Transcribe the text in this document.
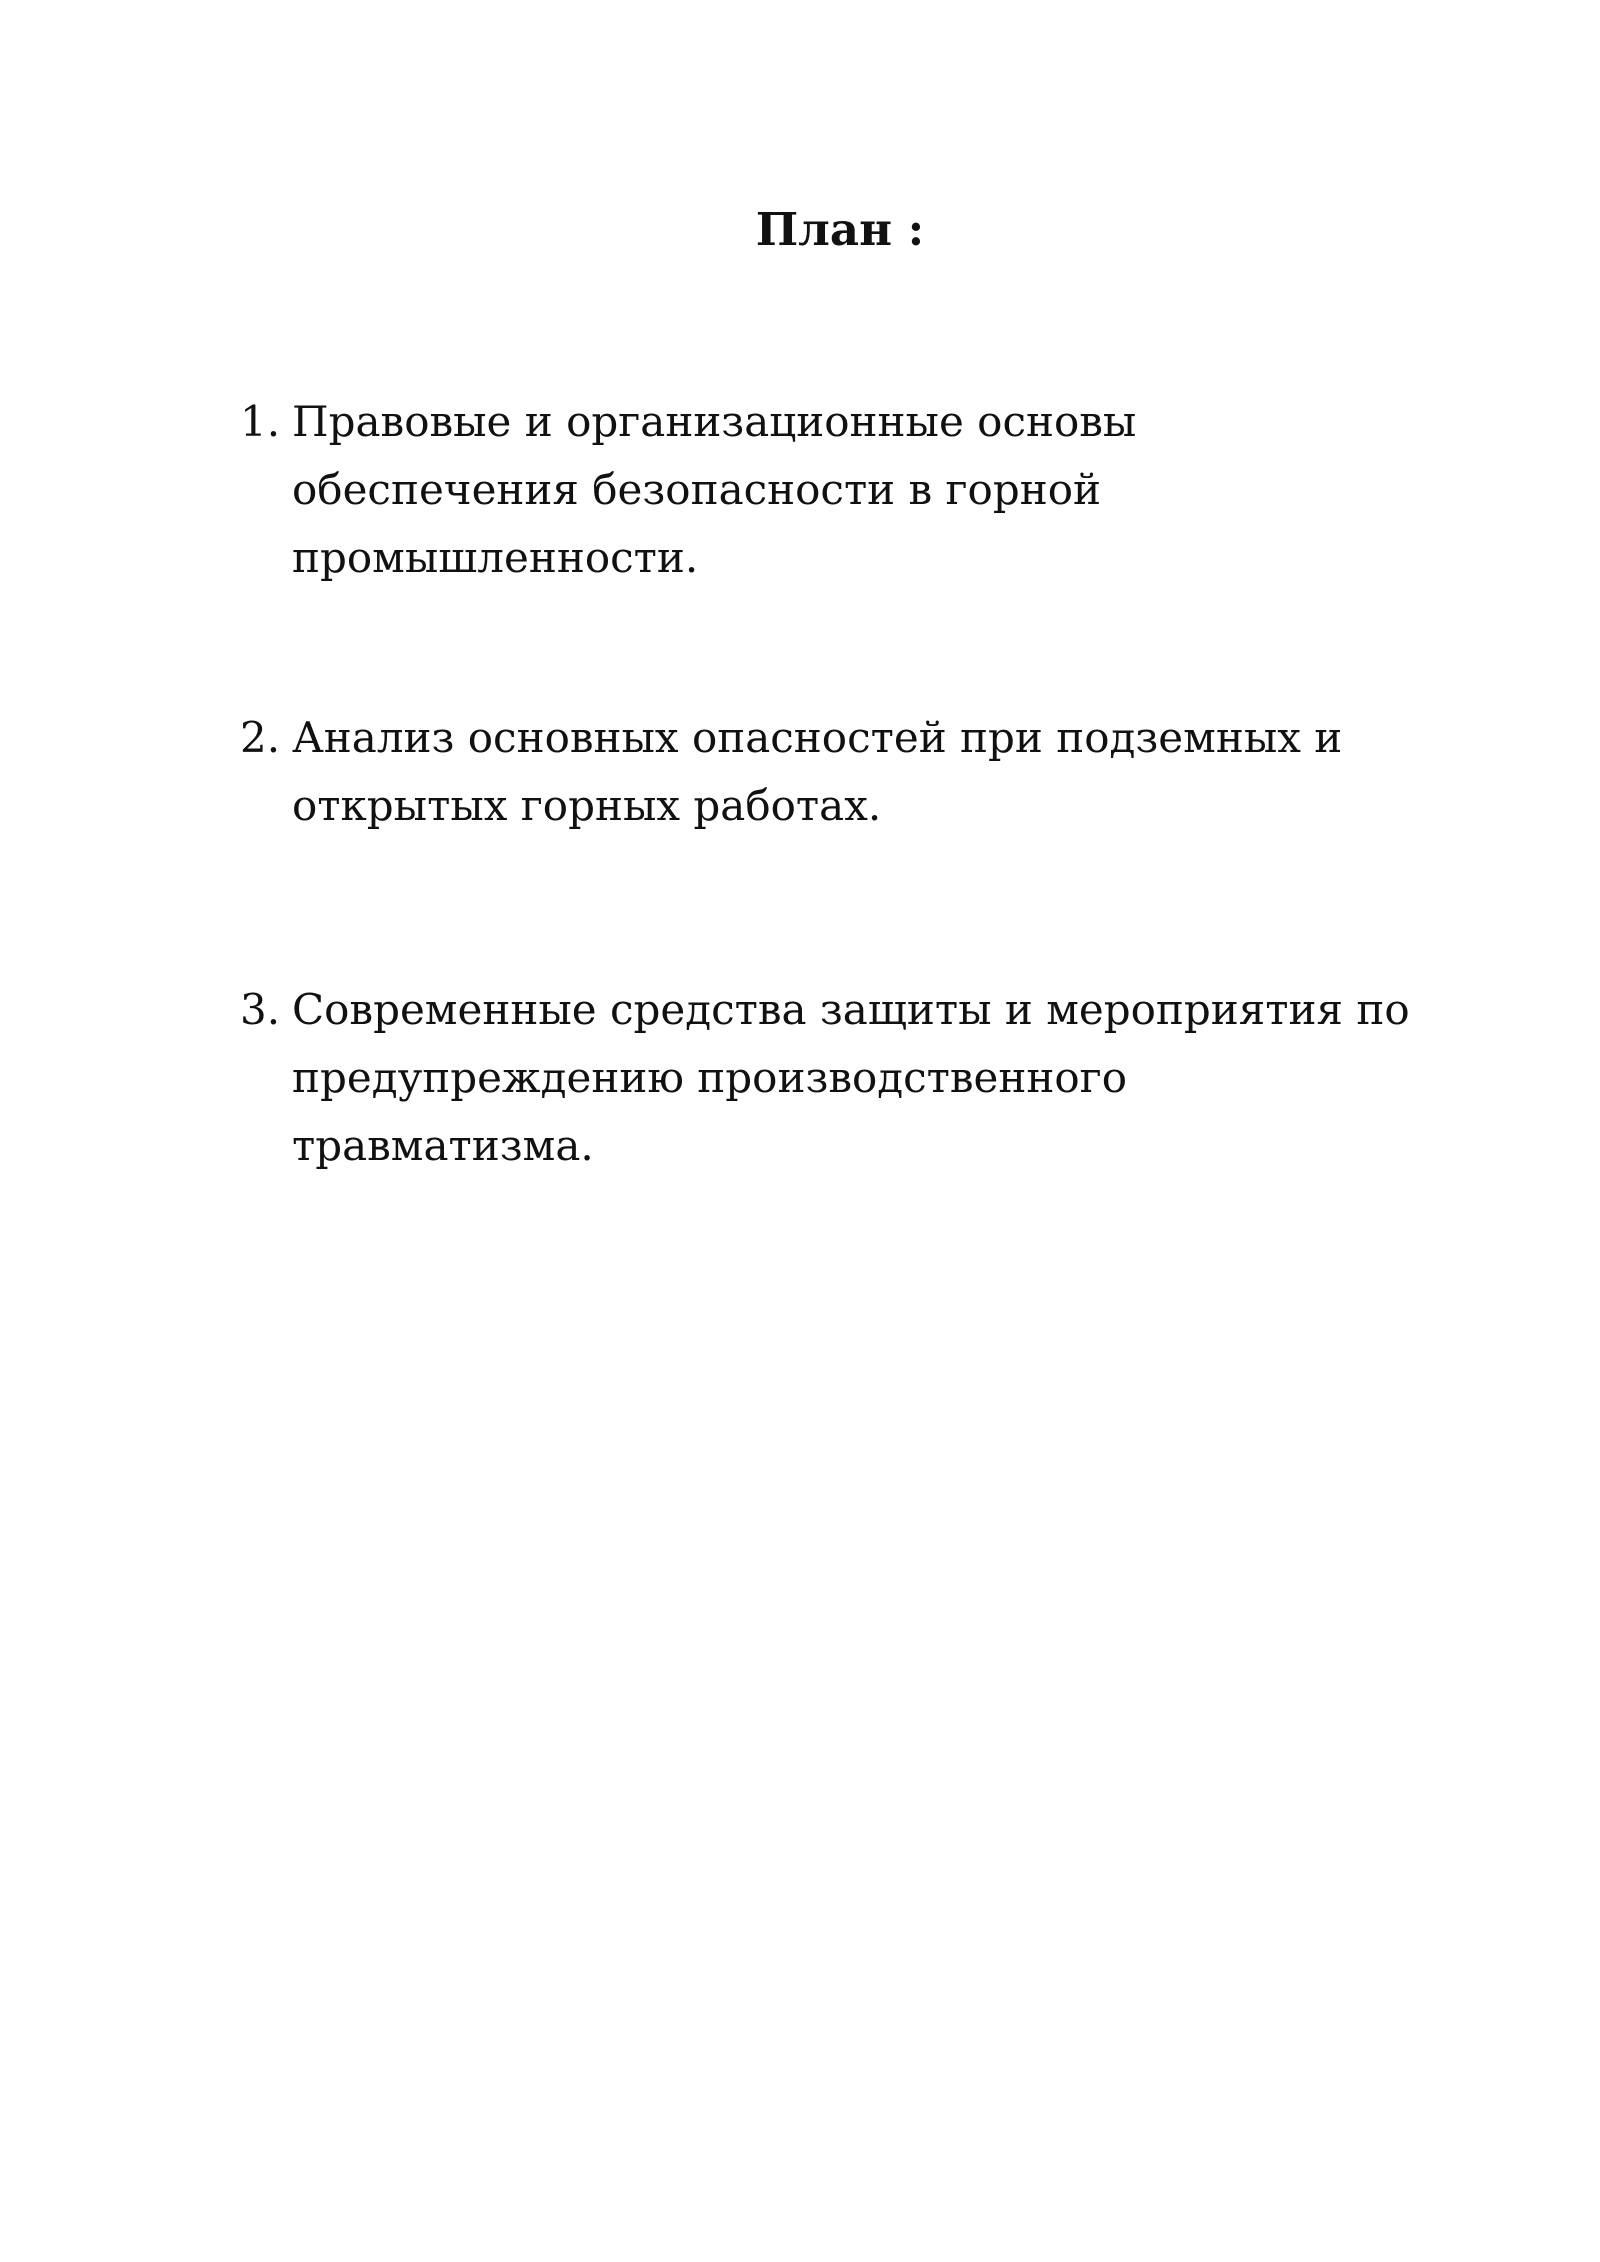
План :
1. Правовые и организационные основы
обеспечения безопасности в горной
промышленности.
2. Анализ основных опасностей при подземных и
открытых горных работах.
3. Современные средства защиты и мероприятия по
предупреждению производственного
травматизма.
